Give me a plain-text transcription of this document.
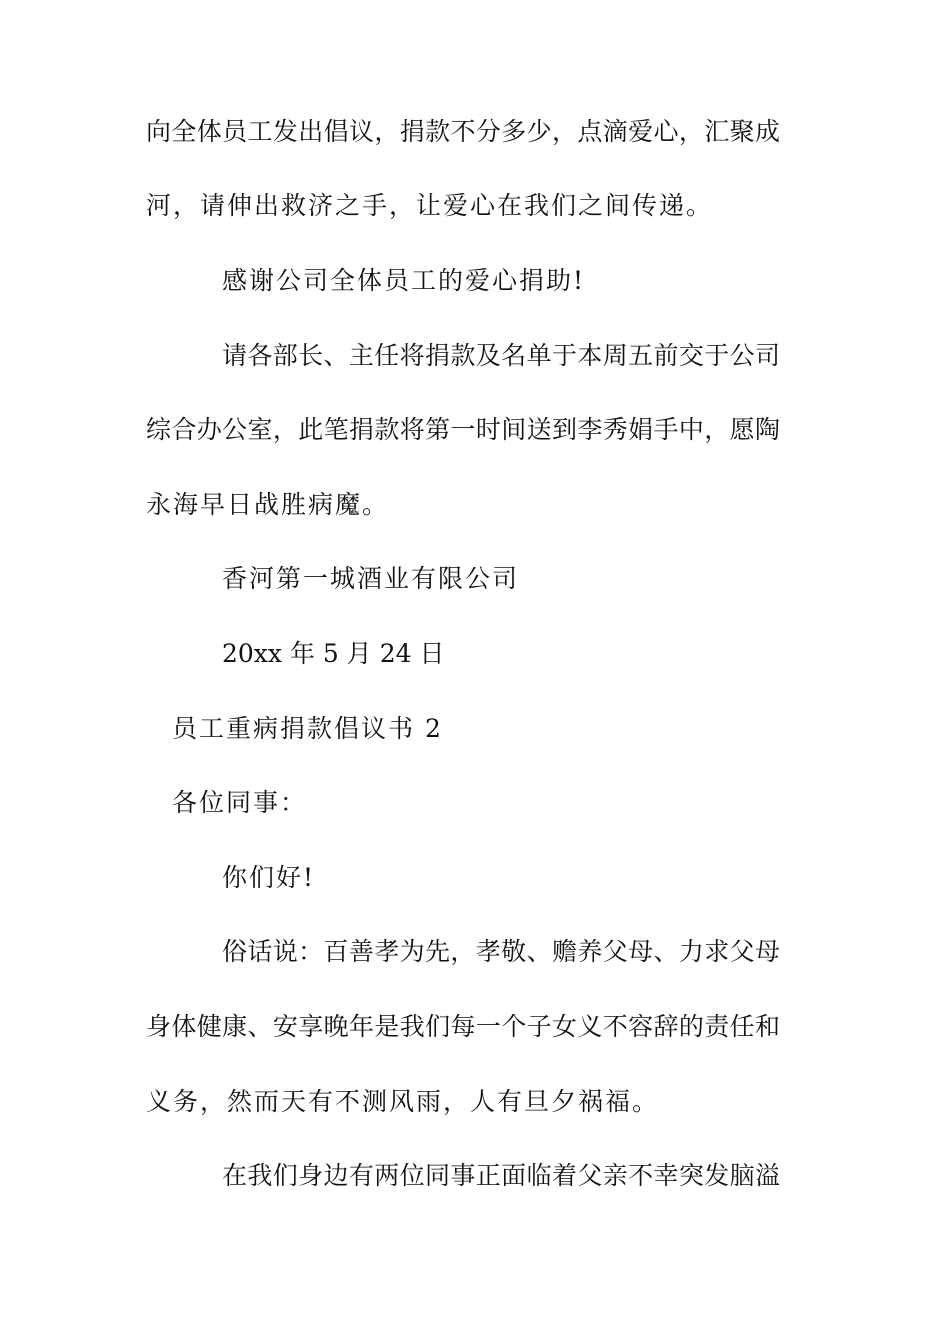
向全体员工发出倡议，捐款不分多少，点滴爱心，汇聚成
河，请伸出救济之手，让爱心在我们之间传递。
感谢公司全体员工的爱心捐助!
请各部长、主任将捐款及名单于本周五前交于公司
综合办公室，此笔捐款将第一时间送到李秀娟手中，愿陶
永海早日战胜病魔。
香河第一城酒业有限公司
20xx 年 5 月 24 日
员工重病捐款倡议书 2
各位同事：
你们好!
俗话说：百善孝为先，孝敬、赡养父母、力求父母
身体健康、安享晚年是我们每一个子女义不容辞的责任和
义务，然而天有不测风雨，人有旦夕祸福。
在我们身边有两位同事正面临着父亲不幸突发脑溢
